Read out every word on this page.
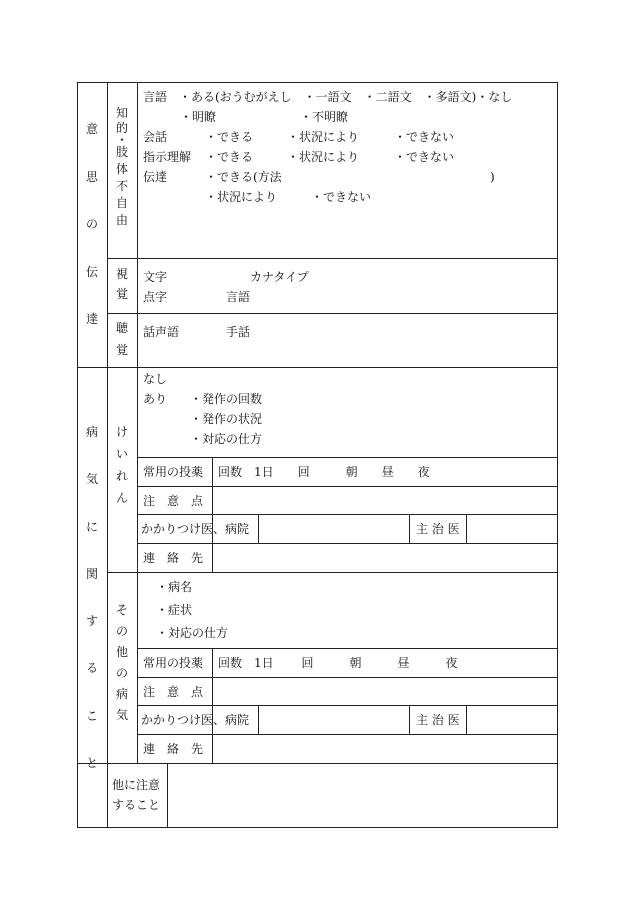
意
思
の
伝
達
知
的
・
肢
体
不
自
由
言語　・ある(おうむがえし　・一語文　・二語文　・多語文)・なし
・明瞭　　　　　　　・不明瞭
会話	・できる	・状況により	・できない
指示理解 ・できる	・状況により	・できない
伝達	・できる(方法	)
・状況により	・できない
視
覚
文字	カナタイプ
点字	言語
聴
覚
話声語	手話
病
気
に
関
す
る
こ
と
け
い
れ
ん
なし
あり ・発作の回数
・発作の状況
・対応の仕方
常用の投薬 回数　1日　　回　　　朝　　昼　　夜
注　意　点
かかりつけ医、病院	主 治 医
連　絡　先
そ
の
他
の
病
気
・病名
・症状
・対応の仕方
常用の投薬 回数　1日　　 回　　　朝　　　昼　　　夜
注　意　点
かかりつけ医、病院	主 治 医
連　絡　先
他に注意
すること
